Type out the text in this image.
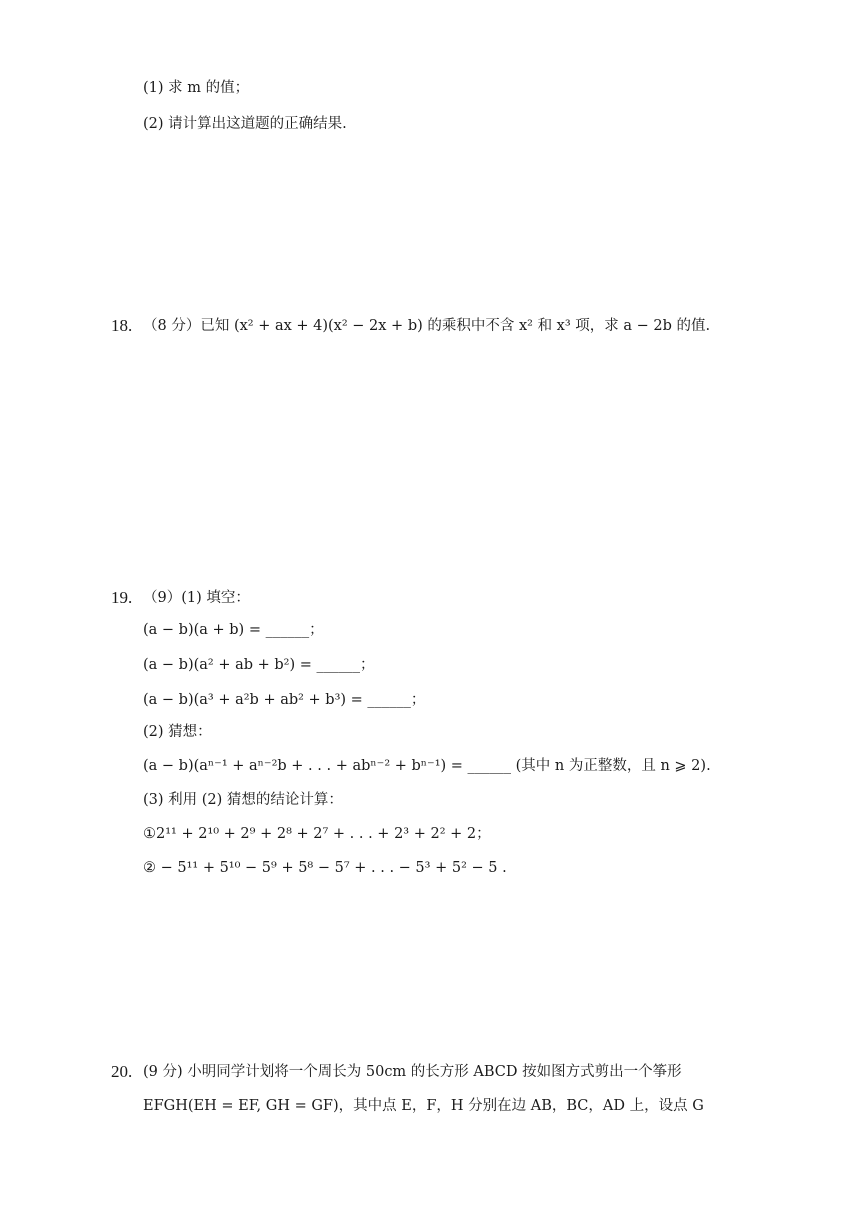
(1) 求 m 的值；
(2) 请计算出这道题的正确结果.
18. （8 分）已知 (x² + ax + 4)(x² − 2x + b) 的乘积中不含 x² 和 x³ 项，求 a − 2b 的值.
19. （9）(1) 填空：
(a − b)(a + b) = ______；
(a − b)(a² + ab + b²) = ______；
(a − b)(a³ + a²b + ab² + b³) = ______；
(2) 猜想：
(a − b)(aⁿ⁻¹ + aⁿ⁻²b + . . . + abⁿ⁻² + bⁿ⁻¹) = ______ (其中 n 为正整数，且 n ⩾ 2).
(3) 利用 (2) 猜想的结论计算：
①2¹¹ + 2¹⁰ + 2⁹ + 2⁸ + 2⁷ + . . . + 2³ + 2² + 2；
② − 5¹¹ + 5¹⁰ − 5⁹ + 5⁸ − 5⁷ + . . . − 5³ + 5² − 5 .
20. (9 分) 小明同学计划将一个周长为 50cm 的长方形 ABCD 按如图方式剪出一个筝形
EFGH(EH = EF, GH = GF)，其中点 E，F，H 分别在边 AB，BC，AD 上，设点 G
